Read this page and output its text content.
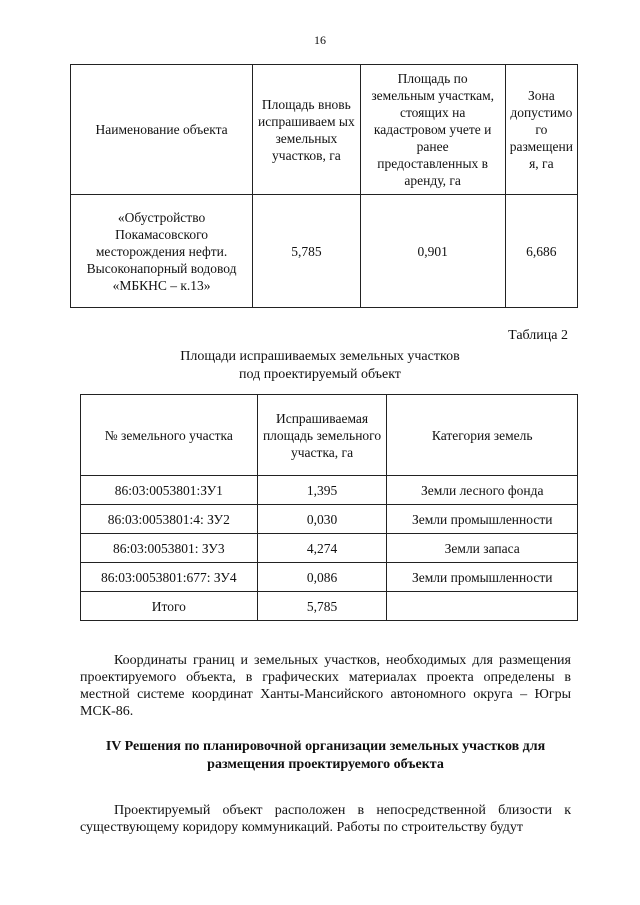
16
Наименование объекта	Площадь вновь испрашиваем ых земельных участков, га	Площадь по земельным участкам, стоящих на кадастровом учете и ранее предоставленных в аренду, га	Зона допустимо го размещени я, га
«Обустройство Покамасовского месторождения нефти. Высоконапорный водовод «МБКНС – к.13»	5,785	0,901	6,686
Таблица 2
Площади испрашиваемых земельных участков
под проектируемый объект
№ земельного участка	Испрашиваемая площадь земельного участка, га	Категория земель
86:03:0053801:ЗУ1	1,395	Земли лесного фонда
86:03:0053801:4: ЗУ2	0,030	Земли промышленности
86:03:0053801: ЗУ3	4,274	Земли запаса
86:03:0053801:677: ЗУ4	0,086	Земли промышленности
Итого	5,785	
Координаты границ и земельных участков, необходимых для размещения проектируемого объекта, в графических материалах проекта определены в местной системе координат Ханты-Мансийского автономного округа – Югры МСК-86.
IV Решения по планировочной организации земельных участков для
размещения проектируемого объекта
Проектируемый объект расположен в непосредственной близости к существующему коридору коммуникаций. Работы по строительству будут
